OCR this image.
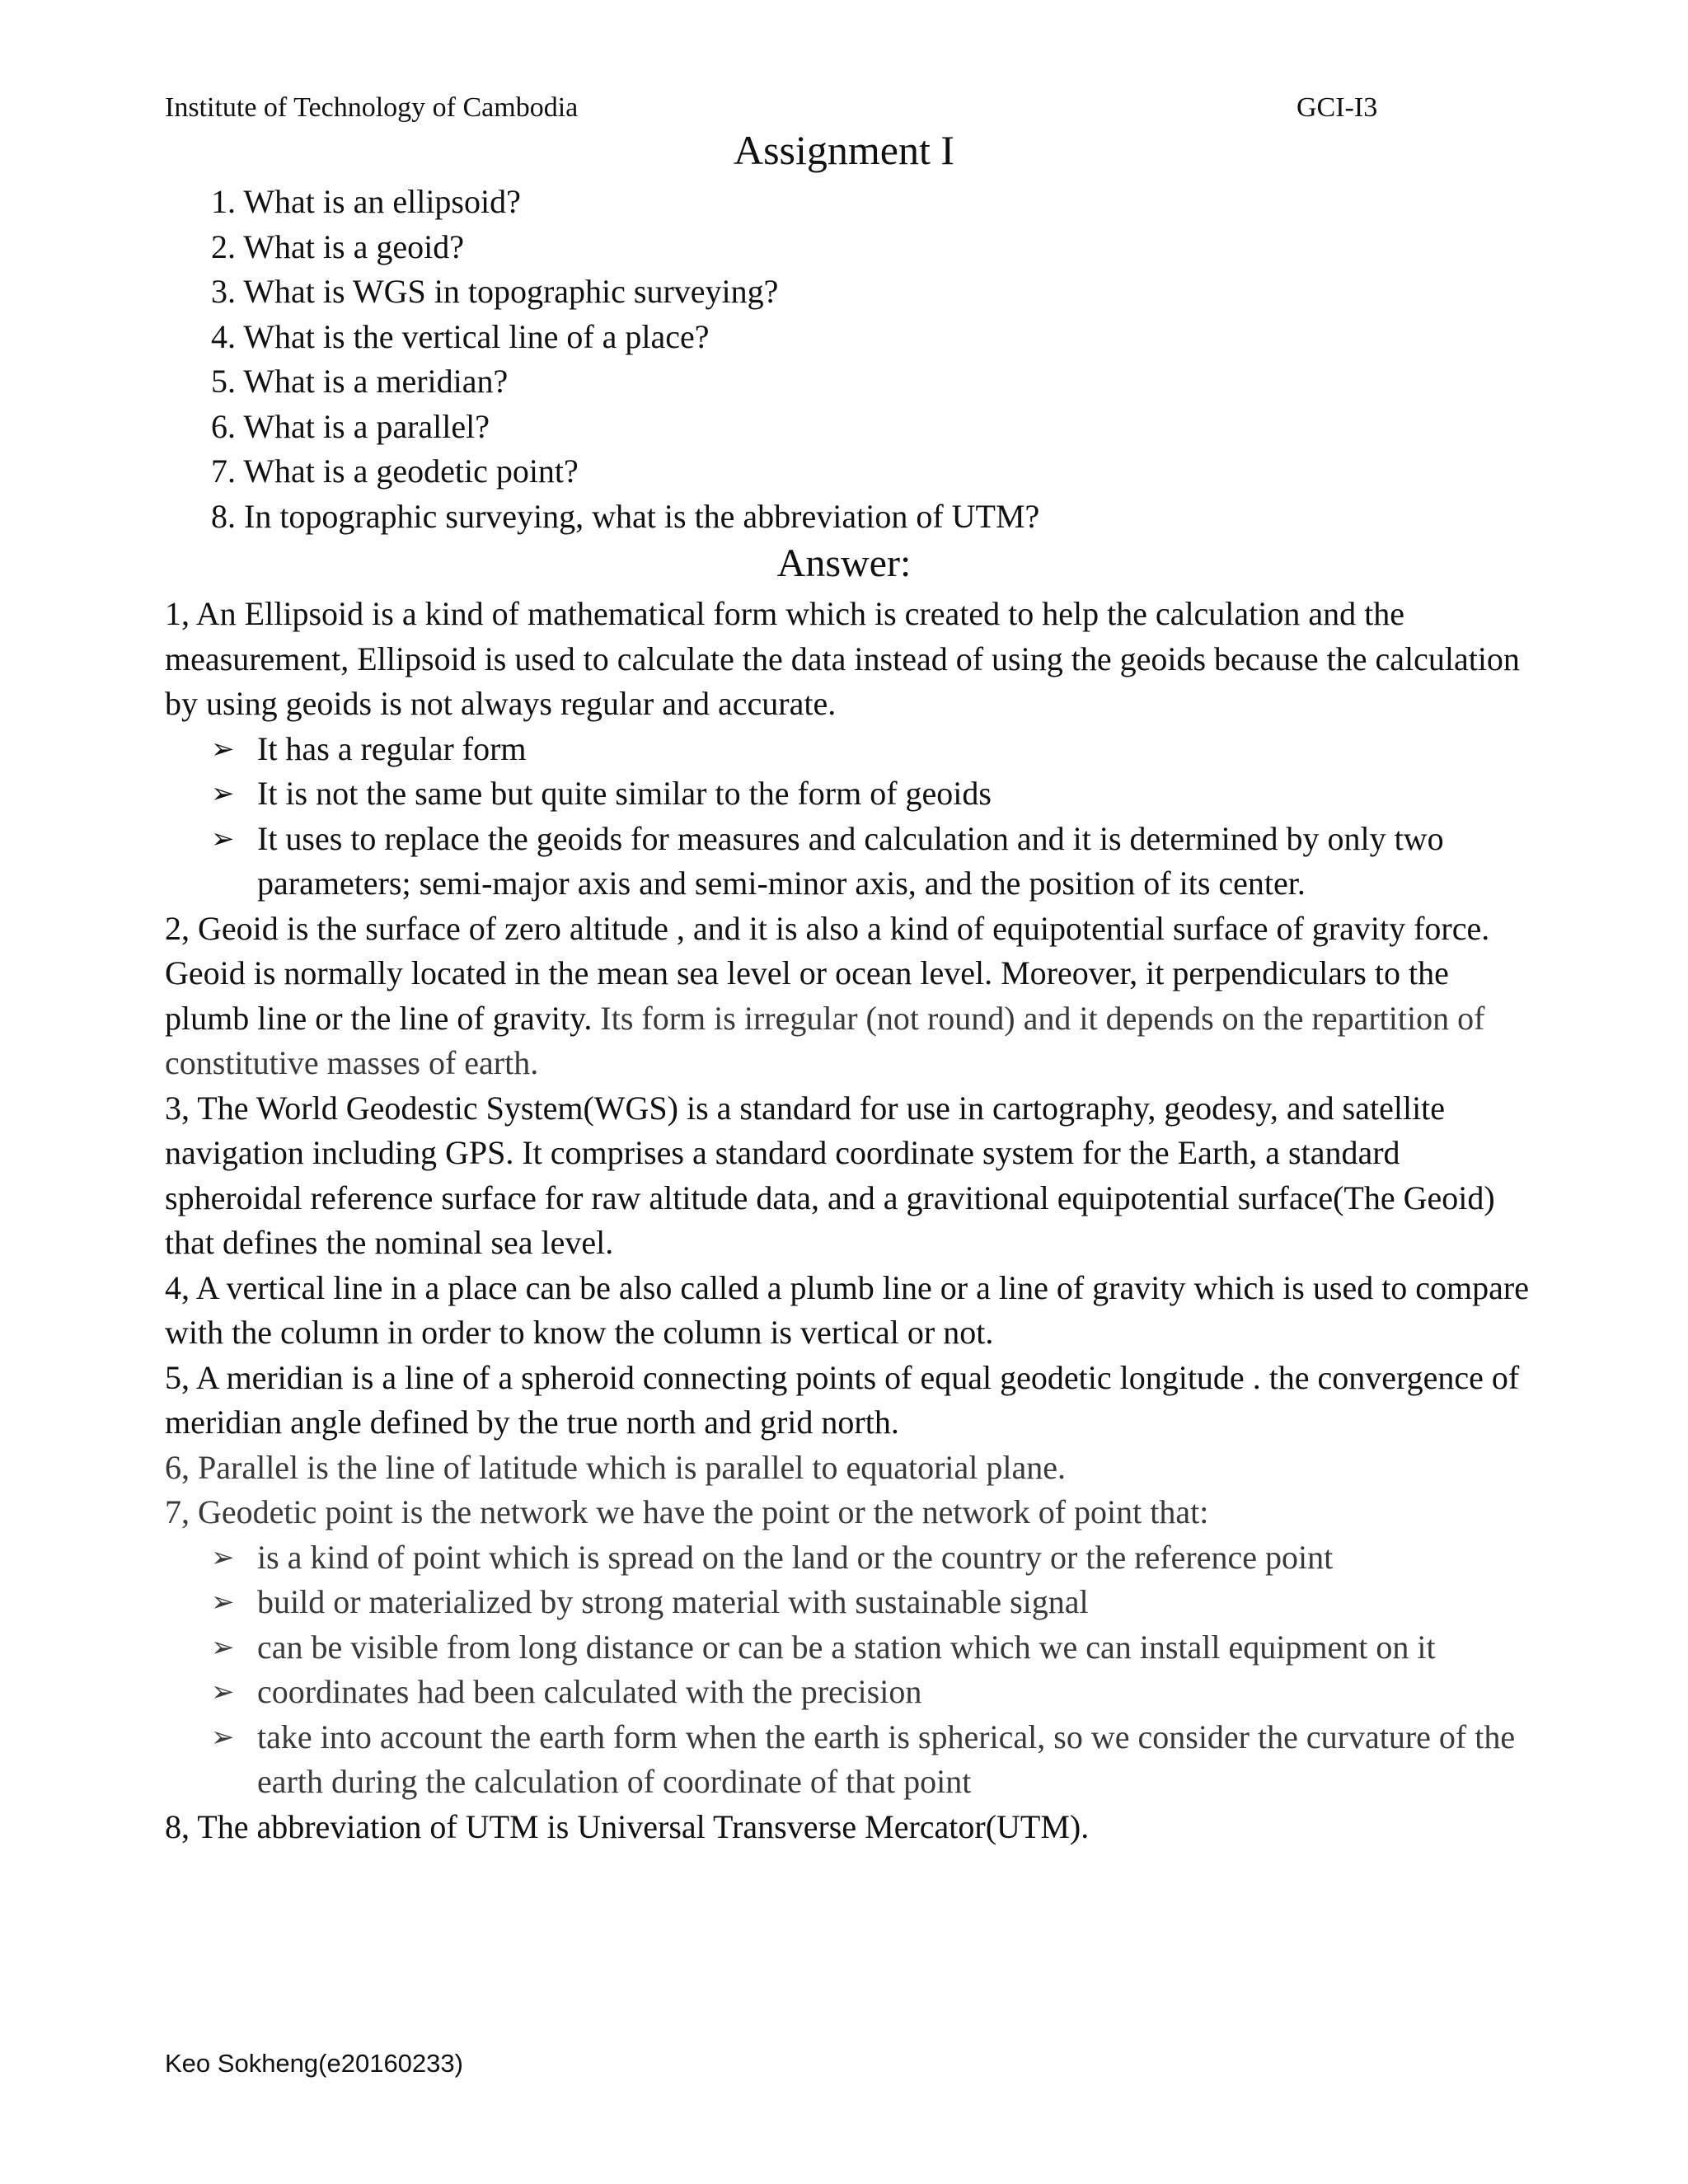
Institute of Technology of Cambodia	GCI-I3
Assignment I
1. What is an ellipsoid?
2. What is a geoid?
3. What is WGS in topographic surveying?
4. What is the vertical line of a place?
5. What is a meridian?
6. What is a parallel?
7. What is a geodetic point?
8. In topographic surveying, what is the abbreviation of UTM?
Answer:

1, An Ellipsoid is a kind of mathematical form which is created to help the calculation and the measurement, Ellipsoid is used to calculate the data instead of using the geoids because the calculation by using geoids is not always regular and accurate.

➢ It has a regular form
➢ It is not the same but quite similar to the form of geoids
➢ It uses to replace the geoids for measures and calculation and it is determined by only two parameters; semi-major axis and semi-minor axis, and the position of its center.

2, Geoid is the surface of zero altitude , and it is also a kind of equipotential surface of gravity force. Geoid is normally located in the mean sea level or ocean level. Moreover, it perpendiculars to the plumb line or the line of gravity. Its form is irregular (not round) and it depends on the repartition of constitutive masses of earth.

3, The World Geodestic System(WGS) is a standard for use in cartography, geodesy, and satellite navigation including GPS. It comprises a standard coordinate system for the Earth, a standard spheroidal reference surface for raw altitude data, and a gravitional equipotential surface(The Geoid) that defines the nominal sea level.

4, A vertical line in a place can be also called a plumb line or a line of gravity which is used to compare with the column in order to know the column is vertical or not.

5, A meridian is a line of a spheroid connecting points of equal geodetic longitude . the convergence of meridian angle defined by the true north and grid north.

6, Parallel is the line of latitude which is parallel to equatorial plane.

7, Geodetic point is the network we have the point or the network of point that:

➢ is a kind of point which is spread on the land or the country or the reference point
➢ build or materialized by strong material with sustainable signal
➢ can be visible from long distance or can be a station which we can install equipment on it
➢ coordinates had been calculated with the precision
➢ take into account the earth form when the earth is spherical, so we consider the curvature of the earth during the calculation of coordinate of that point

8, The abbreviation of UTM is Universal Transverse Mercator(UTM).

Keo Sokheng(e20160233)
